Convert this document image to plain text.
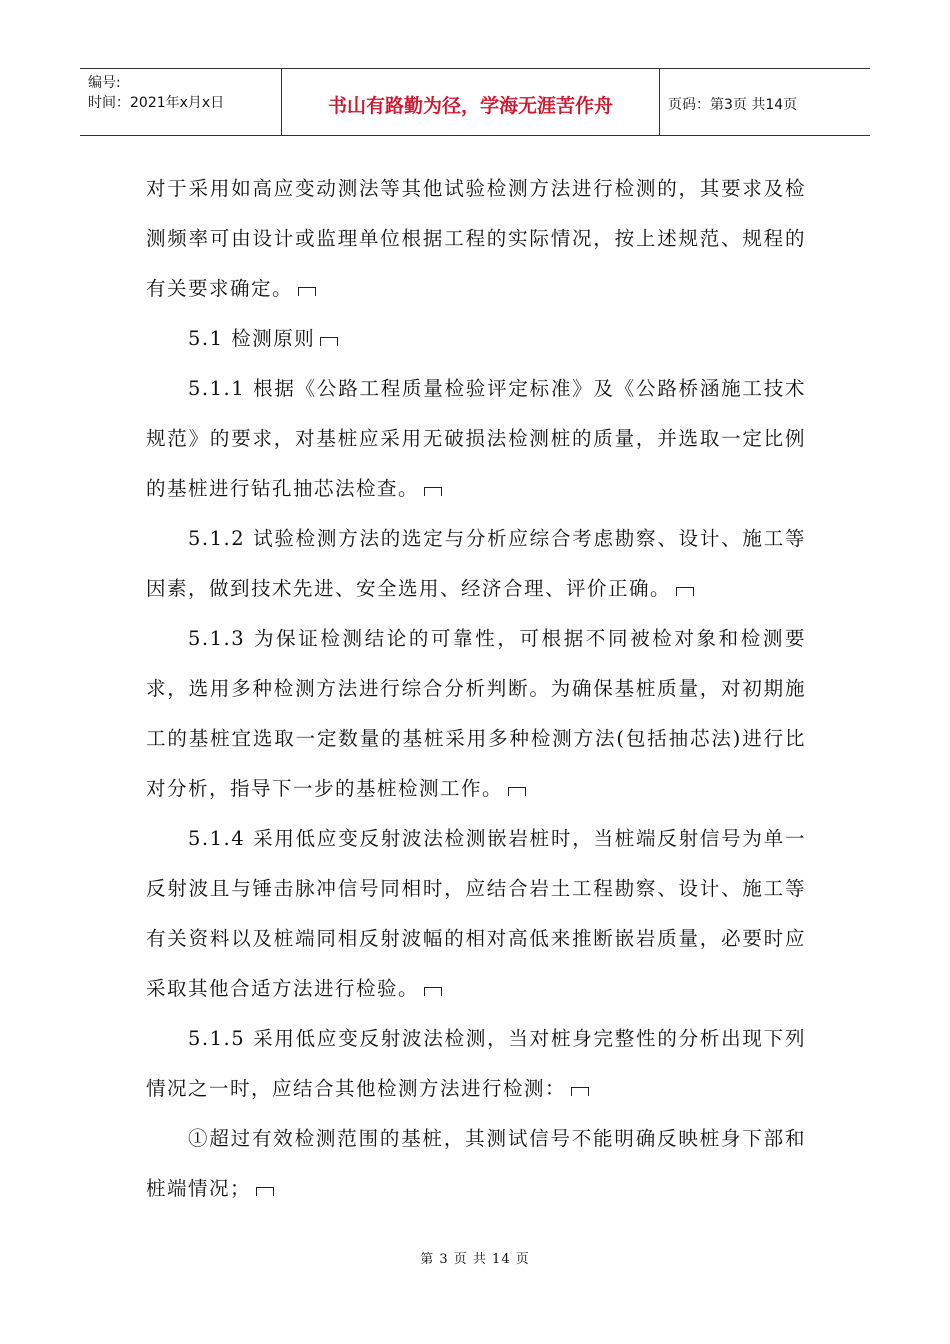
编号:
时间：2021年x月x日	书山有路勤为径，学海无涯苦作舟	页码：第3页 共14页

对于采用如高应变动测法等其他试验检测方法进行检测的，其要求及检测频率可由设计或监理单位根据工程的实际情况，按上述规范、规程的有关要求确定。

5.1 检测原则

5.1.1 根据《公路工程质量检验评定标准》及《公路桥涵施工技术规范》的要求，对基桩应采用无破损法检测桩的质量，并选取一定比例的基桩进行钻孔抽芯法检查。

5.1.2 试验检测方法的选定与分析应综合考虑勘察、设计、施工等因素，做到技术先进、安全选用、经济合理、评价正确。

5.1.3 为保证检测结论的可靠性，可根据不同被检对象和检测要求，选用多种检测方法进行综合分析判断。为确保基桩质量，对初期施工的基桩宜选取一定数量的基桩采用多种检测方法(包括抽芯法)进行比对分析，指导下一步的基桩检测工作。

5.1.4 采用低应变反射波法检测嵌岩桩时，当桩端反射信号为单一反射波且与锤击脉冲信号同相时，应结合岩土工程勘察、设计、施工等有关资料以及桩端同相反射波幅的相对高低来推断嵌岩质量，必要时应采取其他合适方法进行检验。

5.1.5 采用低应变反射波法检测，当对桩身完整性的分析出现下列情况之一时，应结合其他检测方法进行检测：

①超过有效检测范围的基桩，其测试信号不能明确反映桩身下部和桩端情况；

第 3 页 共 14 页
